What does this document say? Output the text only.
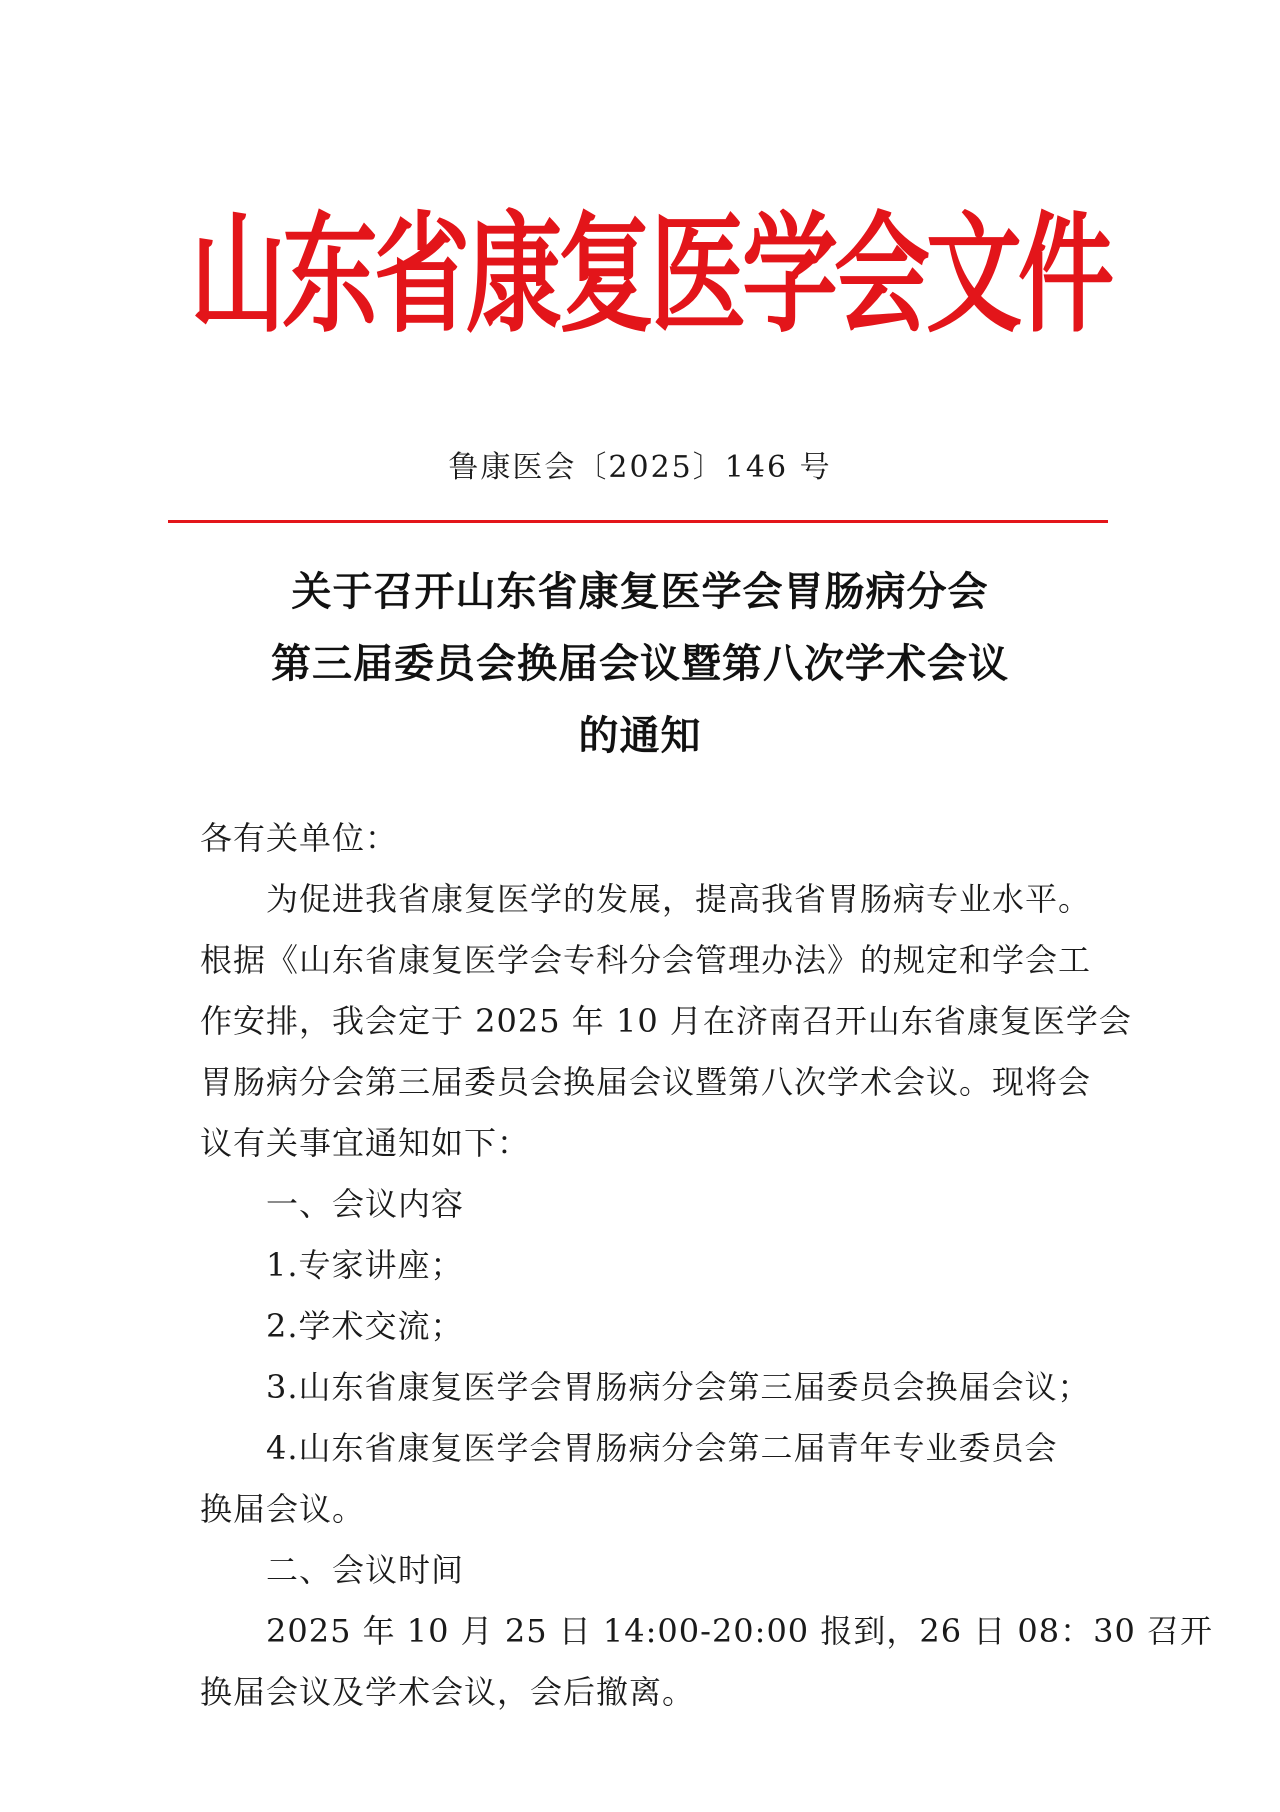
山东省康复医学会文件
鲁康医会〔2025〕146 号
关于召开山东省康复医学会胃肠病分会
第三届委员会换届会议暨第八次学术会议
的通知

各有关单位：

为促进我省康复医学的发展，提高我省胃肠病专业水平。

根据《山东省康复医学会专科分会管理办法》的规定和学会工

作安排，我会定于 2025 年 10 月在济南召开山东省康复医学会

胃肠病分会第三届委员会换届会议暨第八次学术会议。现将会

议有关事宜通知如下：

一、会议内容

1.专家讲座；

2.学术交流；

3.山东省康复医学会胃肠病分会第三届委员会换届会议；

4.山东省康复医学会胃肠病分会第二届青年专业委员会

换届会议。

二、会议时间

2025 年 10 月 25 日 14:00-20:00 报到，26 日 08：30 召开

换届会议及学术会议，会后撤离。
